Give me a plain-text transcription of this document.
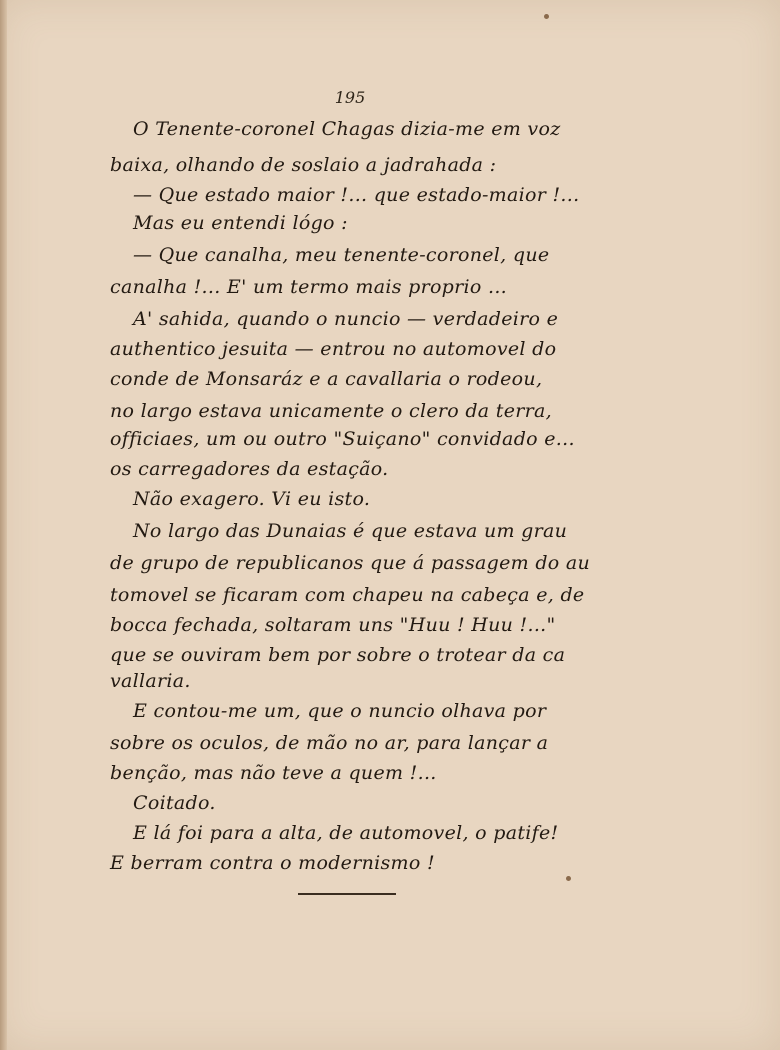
195
O Tenente-coronel Chagas dizia-me em voz
baixa, olhando de soslaio a jadrahada :
— Que estado maior !... que estado-maior !...
Mas eu entendi lógo :
— Que canalha, meu tenente-coronel, que
canalha !... E' um termo mais proprio ...
A' sahida, quando o nuncio — verdadeiro e
authentico jesuita — entrou no automovel do
conde de Monsaráz e a cavallaria o rodeou,
no largo estava unicamente o clero da terra,
officiaes, um ou outro "Suiçano" convidado e...
os carregadores da estação.
Não exagero. Vi eu isto.
No largo das Dunaias é que estava um grau
de grupo de republicanos que á passagem do au
tomovel se ficaram com chapeu na cabeça e, de
bocca fechada, soltaram uns "Huu ! Huu !..."
que se ouviram bem por sobre o trotear da ca
vallaria.
E contou-me um, que o nuncio olhava por
sobre os oculos, de mão no ar, para lançar a
benção, mas não teve a quem !...
Coitado.
E lá foi para a alta, de automovel, o patife!
E berram contra o modernismo !
